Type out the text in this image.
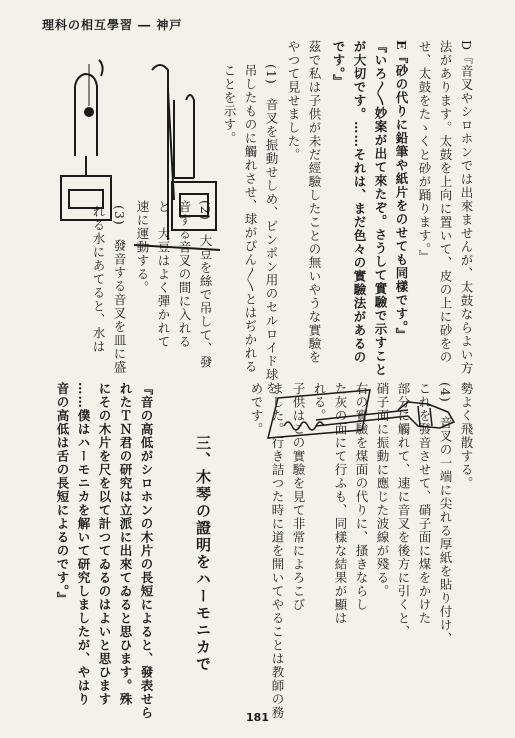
理科の相互學習 ― 神戸
D『音叉やシロホンでは出來ませんが、太鼓ならよい方
法があります。太鼓を上向に置いて、皮の上に砂をの
せ、太鼓をたゝくと砂が踊ります。』
E『砂の代りに鉛筆や紙片をのせても同樣です。』
『いろ〱妙案が出て來たぞ。さうして實驗で示すこと
が大切です。……それは、まだ色々の實驗法があるの
です。』
茲で私は子供が未だ經驗したことの無いやうな實驗を
やつて見せました。
(1)　音叉を振動せしめ、ピンポン用のセルロイド球を
吊したものに觸れさせ、球がぴん〱とはぢかれる
ことを示す。
(2)　大豆を絲で吊して、發
音する音叉の間に入れる
と、大豆はよく彈かれて
速に運動する。
(3)　發音する音叉を皿に盛
れる水にあてると、水は
勢よく飛散する。
(4)　音叉の一端に尖れる厚紙を貼り付け、
これを發音させて、硝子面に煤をかけた
部分に觸れて、速に音叉を後方に引くと、
硝子面に振動に應じた波線が殘る。
右の實驗を煤面の代りに、搔きならし
た灰の面にて行ふも、同樣な結果が顯は
れる。
子供はこの實驗を見て非常によろこび
ました。行き詰つた時に道を開いてやることは教師の務
めです。
三、木琴の證明をハーモニカで
『音の高低がシロホンの木片の長短によると、發表せら
れたＴＮ君の研究は立派に出來てゐると思ひます。殊
にその木片を尺を以て計つてゐるのはよいと思ひます
……僕はハーモニカを解いて研究しましたが、やはり
音の高低は舌の長短によるのです。』
181
